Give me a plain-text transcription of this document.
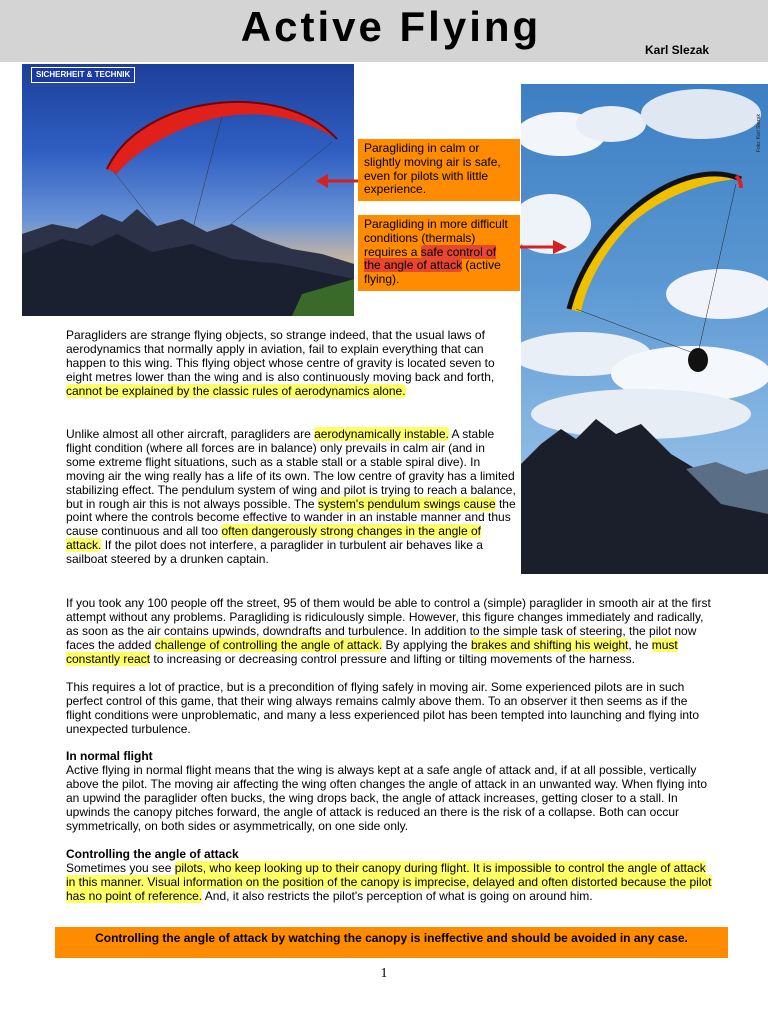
Active Flying	Karl Slezak
SICHERHEIT & TECHNIK
Foto: Karl Slezak
Paragliding in calm or slightly moving air is safe, even for pilots with little experience.
Paragliding in more difficult conditions (thermals) requires a safe control of the angle of attack (active flying).

Paragliders are strange flying objects, so strange indeed, that the usual laws of aerodynamics that normally apply in aviation, fail to explain everything that can happen to this wing. This flying object whose centre of gravity is located seven to eight metres lower than the wing and is also continuously moving back and forth, cannot be explained by the classic rules of aerodynamics alone.

Unlike almost all other aircraft, paragliders are aerodynamically instable. A stable flight condition (where all forces are in balance) only prevails in calm air (and in some extreme flight situations, such as a stable stall or a stable spiral dive). In moving air the wing really has a life of its own. The low centre of gravity has a limited stabilizing effect. The pendulum system of wing and pilot is trying to reach a balance, but in rough air this is not always possible. The system's pendulum swings cause the point where the controls become effective to wander in an instable manner and thus cause continuous and all too often dangerously strong changes in the angle of attack. If the pilot does not interfere, a paraglider in turbulent air behaves like a sailboat steered by a drunken captain.

If you took any 100 people off the street, 95 of them would be able to control a (simple) paraglider in smooth air at the first attempt without any problems. Paragliding is ridiculously simple. However, this figure changes immediately and radically, as soon as the air contains upwinds, downdrafts and turbulence. In addition to the simple task of steering, the pilot now faces the added challenge of controlling the angle of attack. By applying the brakes and shifting his weight, he must constantly react to increasing or decreasing control pressure and lifting or tilting movements of the harness.

This requires a lot of practice, but is a precondition of flying safely in moving air. Some experienced pilots are in such perfect control of this game, that their wing always remains calmly above them. To an observer it then seems as if the flight conditions were unproblematic, and many a less experienced pilot has been tempted into launching and flying into unexpected turbulence.

In normal flight

Active flying in normal flight means that the wing is always kept at a safe angle of attack and, if at all possible, vertically above the pilot. The moving air affecting the wing often changes the angle of attack in an unwanted way. When flying into an upwind the paraglider often bucks, the wing drops back, the angle of attack increases, getting closer to a stall. In upwinds the canopy pitches forward, the angle of attack is reduced an there is the risk of a collapse. Both can occur symmetrically, on both sides or asymmetrically, on one side only.

Controlling the angle of attack

Sometimes you see pilots, who keep looking up to their canopy during flight. It is impossible to control the angle of attack in this manner. Visual information on the position of the canopy is imprecise, delayed and often distorted because the pilot has no point of reference. And, it also restricts the pilot's perception of what is going on around him.

Controlling the angle of attack by watching the canopy is ineffective and should be avoided in any case.
1
